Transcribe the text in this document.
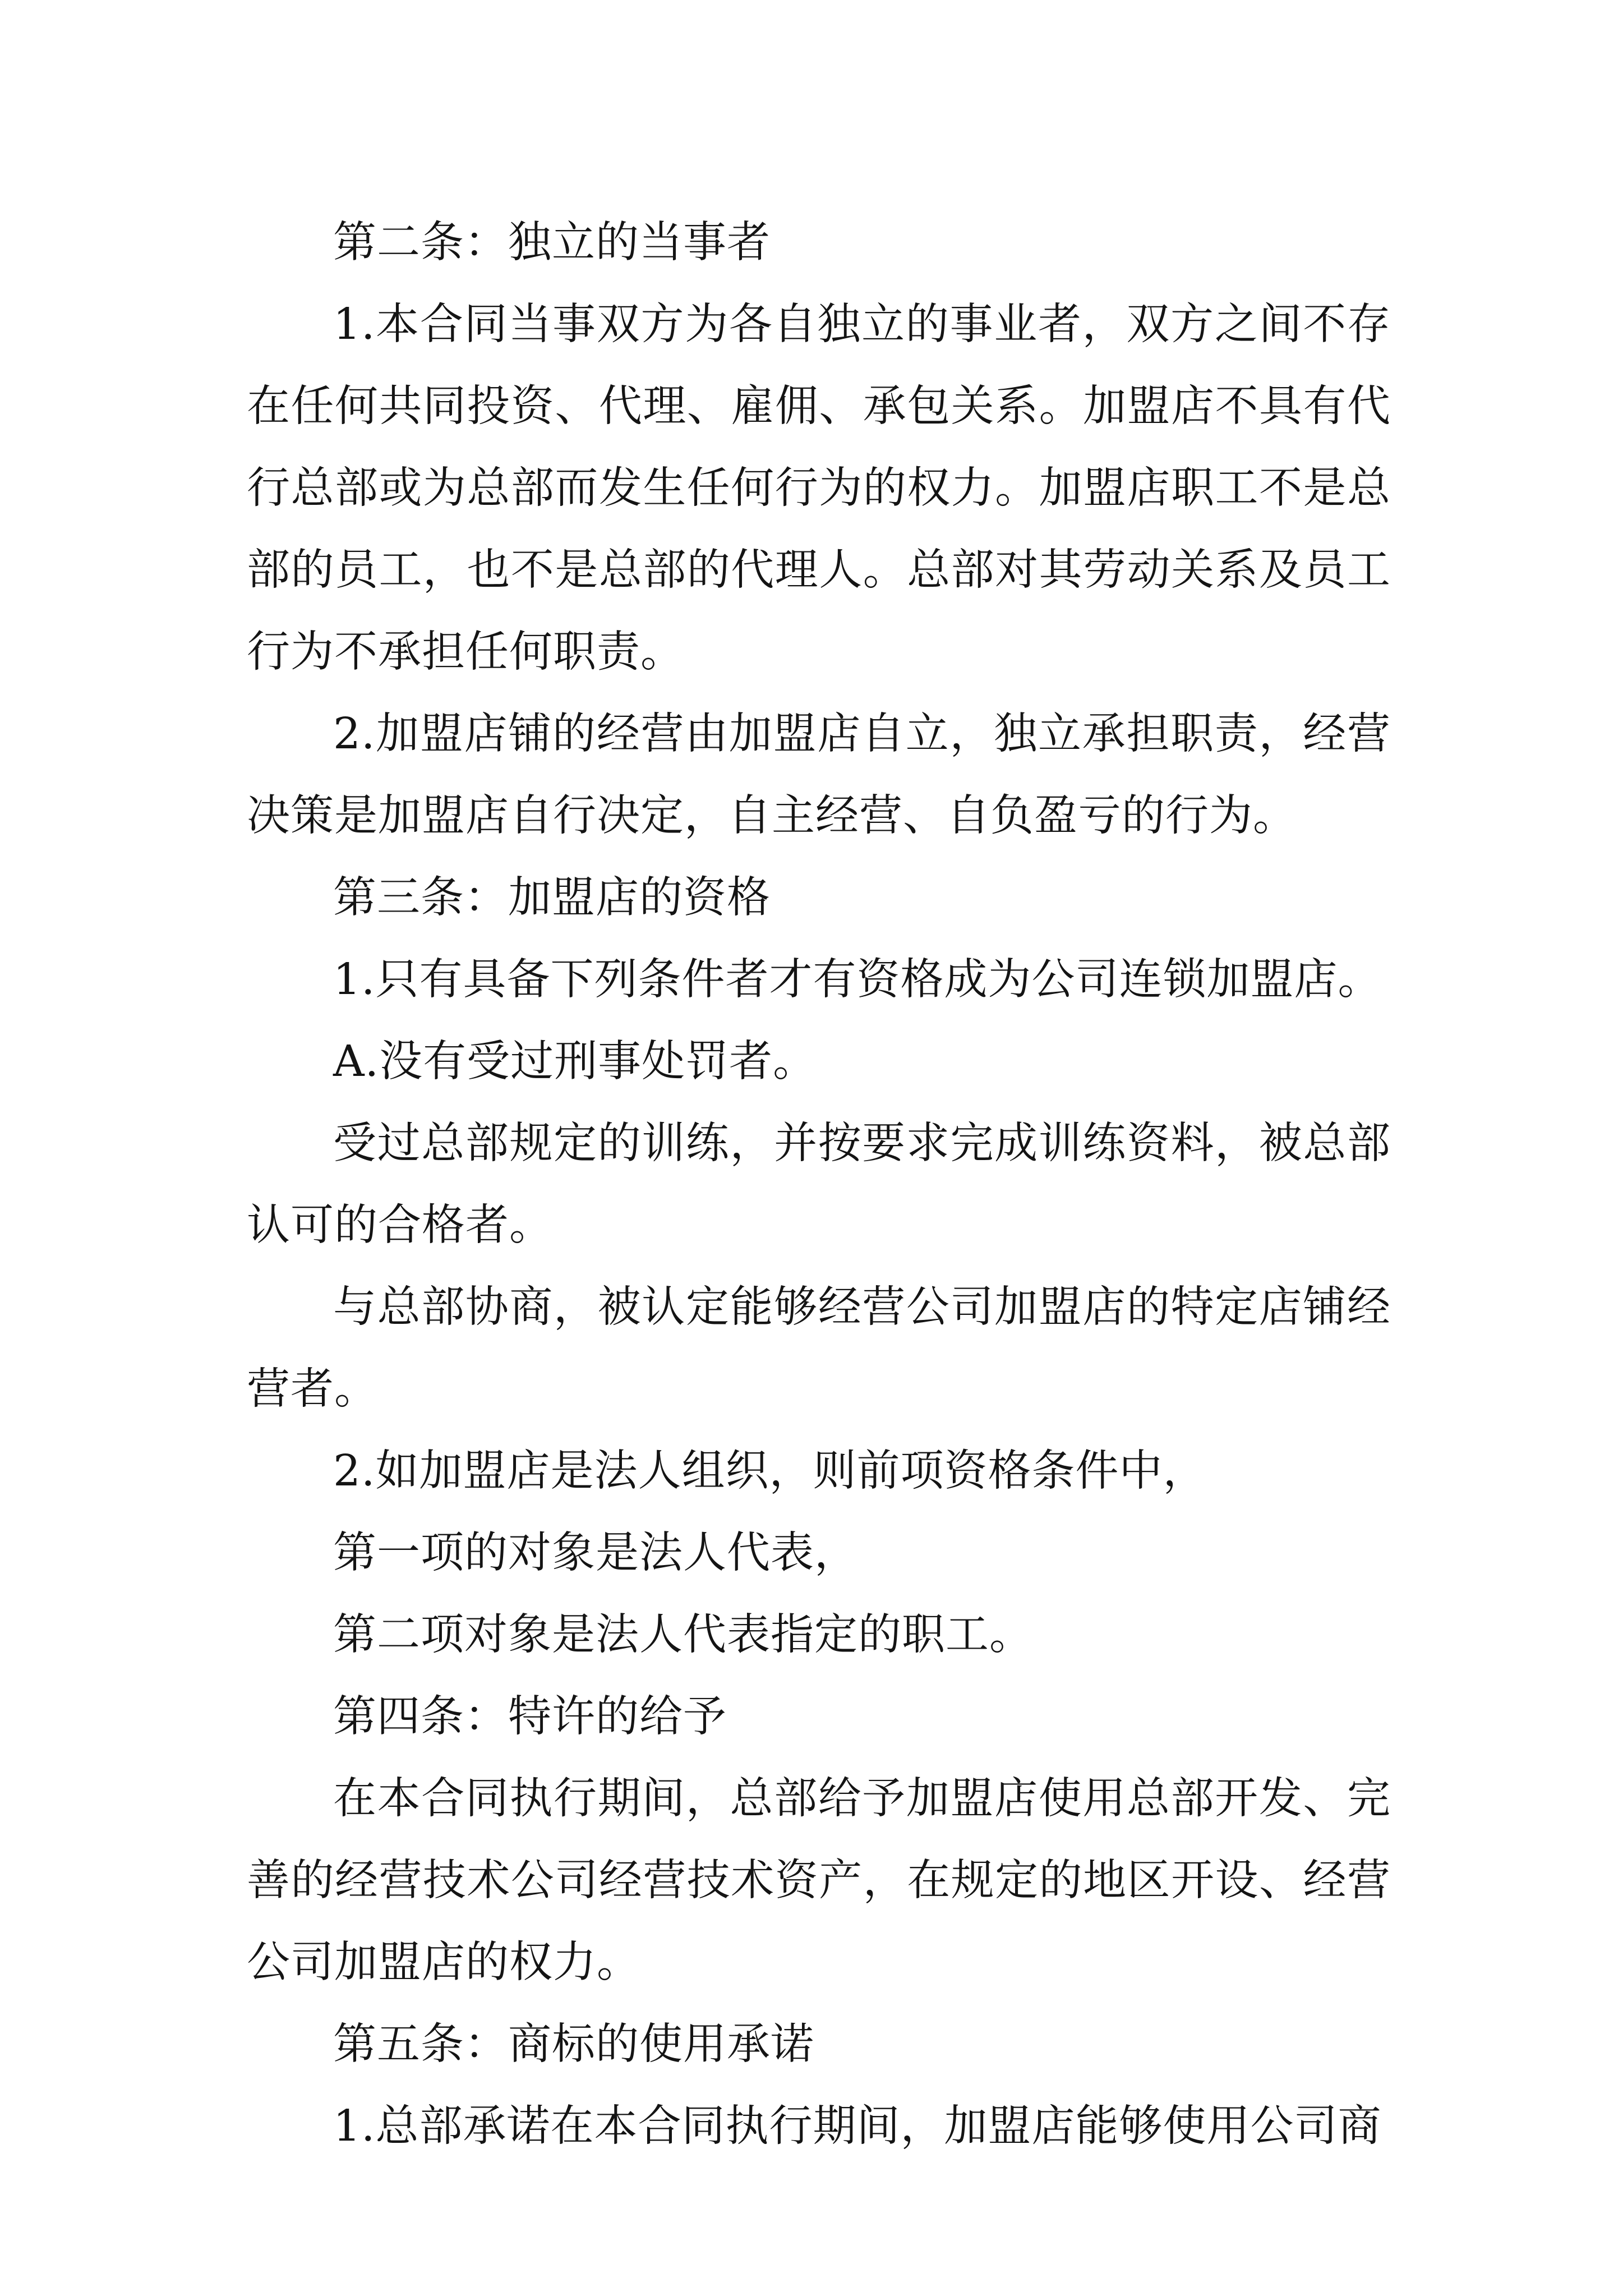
第二条：独立的当事者

1.本合同当事双方为各自独立的事业者，双方之间不存在任何共同投资、代理、雇佣、承包关系。加盟店不具有代行总部或为总部而发生任何行为的权力。加盟店职工不是总部的员工，也不是总部的代理人。总部对其劳动关系及员工行为不承担任何职责。

2.加盟店铺的经营由加盟店自立，独立承担职责，经营决策是加盟店自行决定，自主经营、自负盈亏的行为。

第三条：加盟店的资格

1.只有具备下列条件者才有资格成为公司连锁加盟店。

A.没有受过刑事处罚者。

受过总部规定的训练，并按要求完成训练资料，被总部认可的合格者。

与总部协商，被认定能够经营公司加盟店的特定店铺经营者。

2.如加盟店是法人组织，则前项资格条件中，

第一项的对象是法人代表，

第二项对象是法人代表指定的职工。

第四条：特许的给予

在本合同执行期间，总部给予加盟店使用总部开发、完善的经营技术公司经营技术资产，在规定的地区开设、经营公司加盟店的权力。

第五条：商标的使用承诺

1.总部承诺在本合同执行期间，加盟店能够使用公司商
